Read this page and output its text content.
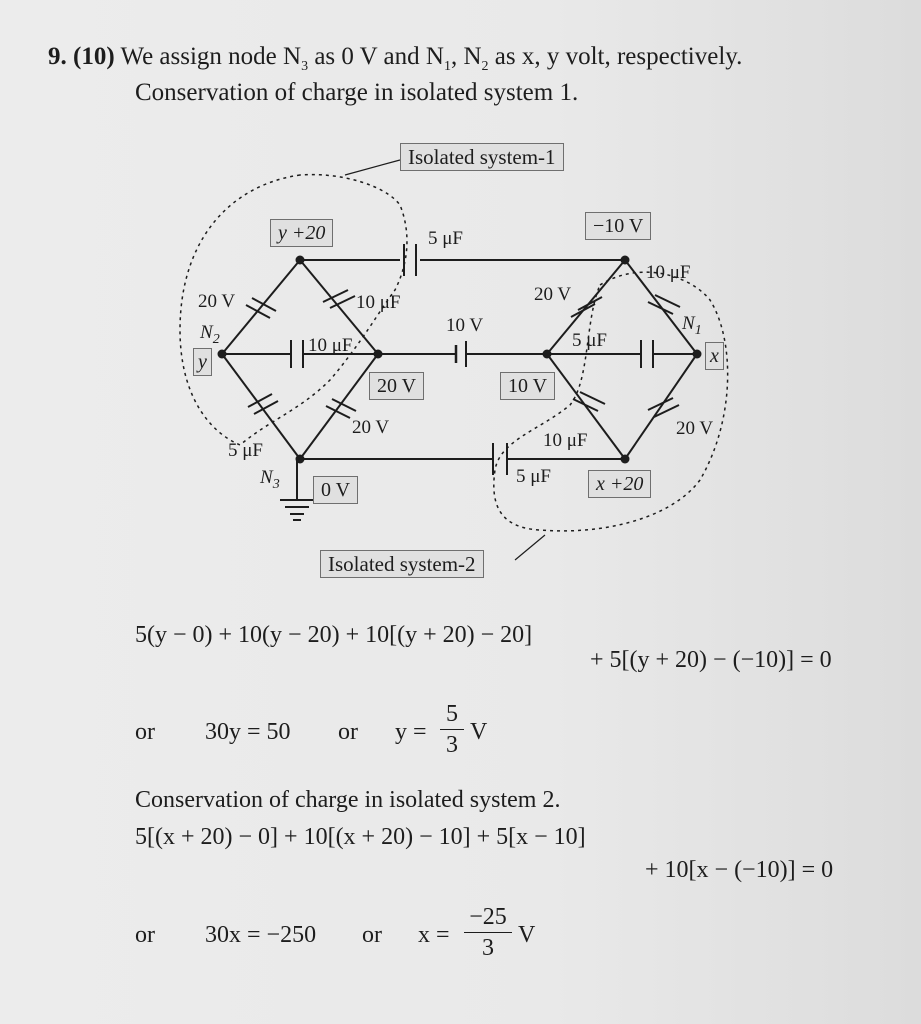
9. (10) We assign node $N_3$ as 0 V and $N_1$, $N_2$ as x, y volt, respectively.
Conservation of charge in isolated system 1.
Isolated system-1
Isolated system-2
y +20	−10 V
y	x
20 V	10 V
0 V	x +20
5 μF
10 μF
20 V	10 μF
$N_2$	10 μF
10 V
20 V
5 μF
$N_1$
20 V
5 μF
$N_3$	5 μF
10 μF
20 V
5(y − 0) + 10(y − 20) + 10[(y + 20) − 20]
+ 5[(y + 20) − (−10)] = 0
or 30y = 50 or y =
5
3 V
Conservation of charge in isolated system 2.
5[(x + 20) − 0] + 10[(x + 20) − 10] + 5[x − 10]
+ 10[x − (−10)] = 0
or 30x = −250 or x =
−25
3	V
